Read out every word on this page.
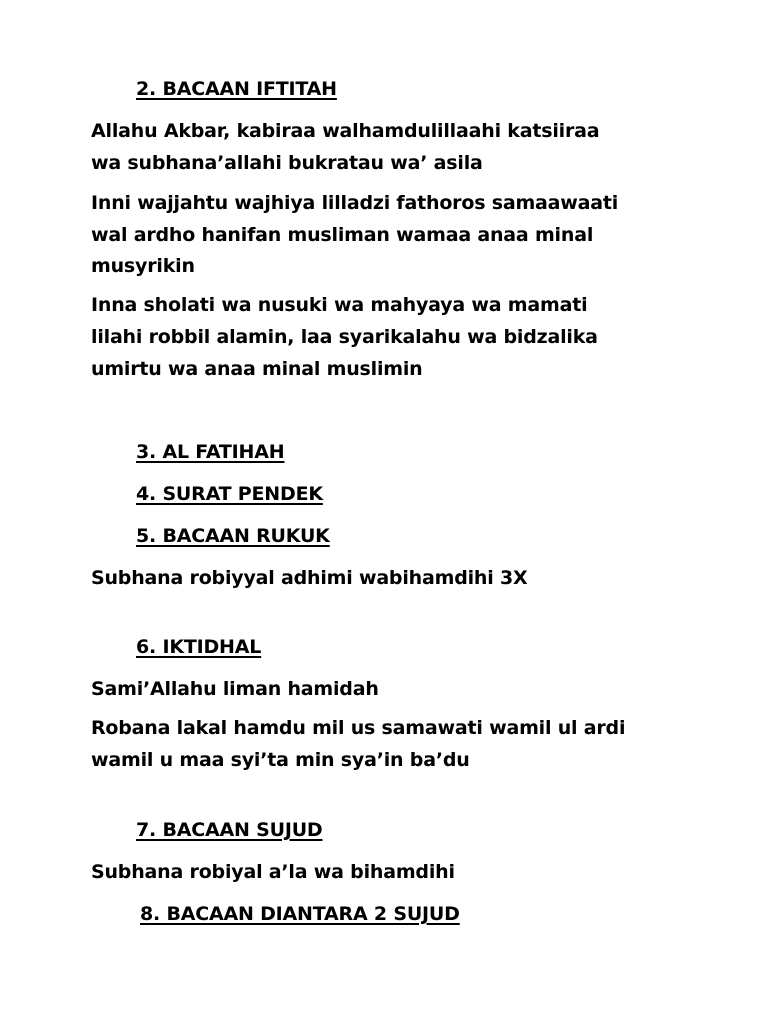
2. BACAAN IFTITAH
Allahu Akbar, kabiraa walhamdulillaahi katsiiraa
wa subhana’allahi bukratau wa’ asila
Inni wajjahtu wajhiya lilladzi fathoros samaawaati
wal ardho hanifan musliman wamaa anaa minal
musyrikin
Inna sholati wa nusuki wa mahyaya wa mamati
lilahi robbil alamin, laa syarikalahu wa bidzalika
umirtu wa anaa minal muslimin
3. AL FATIHAH
4. SURAT PENDEK
5. BACAAN RUKUK
Subhana robiyyal adhimi wabihamdihi 3X
6. IKTIDHAL
Sami’Allahu liman hamidah
Robana lakal hamdu mil us samawati wamil ul ardi
wamil u maa syi’ta min sya’in ba’du
7. BACAAN SUJUD
Subhana robiyal a’la wa bihamdihi
8. BACAAN DIANTARA 2 SUJUD
